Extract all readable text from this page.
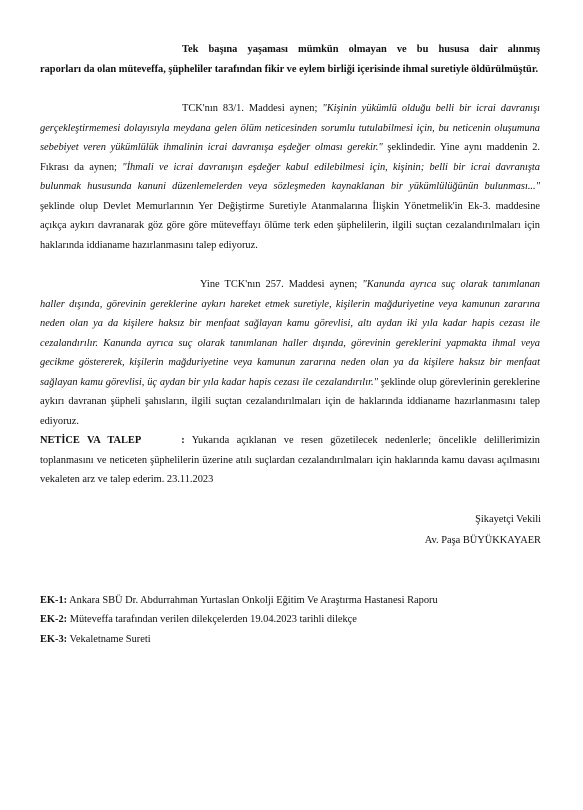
Tek başına yaşaması mümkün olmayan ve bu hususa dair alınmış
raporları da olan müteveffa, şüpheliler tarafından fikir ve eylem birliği içerisinde ihmal suretiyle öldürülmüştür.

TCK'nın 83/1. Maddesi aynen; "Kişinin yükümlü olduğu belli bir icrai davranışı gerçekleştirmemesi dolayısıyla meydana gelen ölüm neticesinden sorumlu tutulabilmesi için, bu neticenin oluşumuna sebebiyet veren yükümlülük ihmalinin icrai davranışa eşdeğer olması gerekir." şeklindedir. Yine aynı maddenin 2. Fıkrası da aynen; "İhmali ve icrai davranışın eşdeğer kabul edilebilmesi için, kişinin; belli bir icrai davranışta bulunmak hususunda kanuni düzenlemelerden veya sözleşmeden kaynaklanan bir yükümlülüğünün bulunması..." şeklinde olup Devlet Memurlarının Yer Değiştirme Suretiyle Atanmalarına İlişkin Yönetmelik'in Ek-3. maddesine açıkça aykırı davranarak göz göre göre müteveffayı ölüme terk eden şüphelilerin, ilgili suçtan cezalandırılmaları için haklarında iddianame hazırlanmasını talep ediyoruz.

Yine TCK'nın 257. Maddesi aynen; "Kanunda ayrıca suç olarak tanımlanan haller dışında, görevinin gereklerine aykırı hareket etmek suretiyle, kişilerin mağduriyetine veya kamunun zararına neden olan ya da kişilere haksız bir menfaat sağlayan kamu görevlisi, altı aydan iki yıla kadar hapis cezası ile cezalandırılır. Kanunda ayrıca suç olarak tanımlanan haller dışında, görevinin gereklerini yapmakta ihmal veya gecikme göstererek, kişilerin mağduriyetine veya kamunun zararına neden olan ya da kişilere haksız bir menfaat sağlayan kamu görevlisi, üç aydan bir yıla kadar hapis cezası ile cezalandırılır." şeklinde olup görevlerinin gereklerine aykırı davranan şüpheli şahısların, ilgili suçtan cezalandırılmaları için de haklarında iddianame hazırlanmasını talep ediyoruz.

NETİCE VA TALEP	: Yukarıda açıklanan ve resen gözetilecek nedenlerle; öncelikle delillerimizin toplanmasını ve neticeten şüphelilerin üzerine atılı suçlardan cezalandırılmaları için haklarında kamu davası açılmasını vekaleten arz ve talep ederim. 23.11.2023

Şikayetçi Vekili
Av. Paşa BÜYÜKKAYAER
EK-1: Ankara SBÜ Dr. Abdurrahman Yurtaslan Onkolji Eğitim Ve Araştırma Hastanesi Raporu
EK-2: Müteveffa tarafından verilen dilekçelerden 19.04.2023 tarihli dilekçe
EK-3: Vekaletname Sureti
